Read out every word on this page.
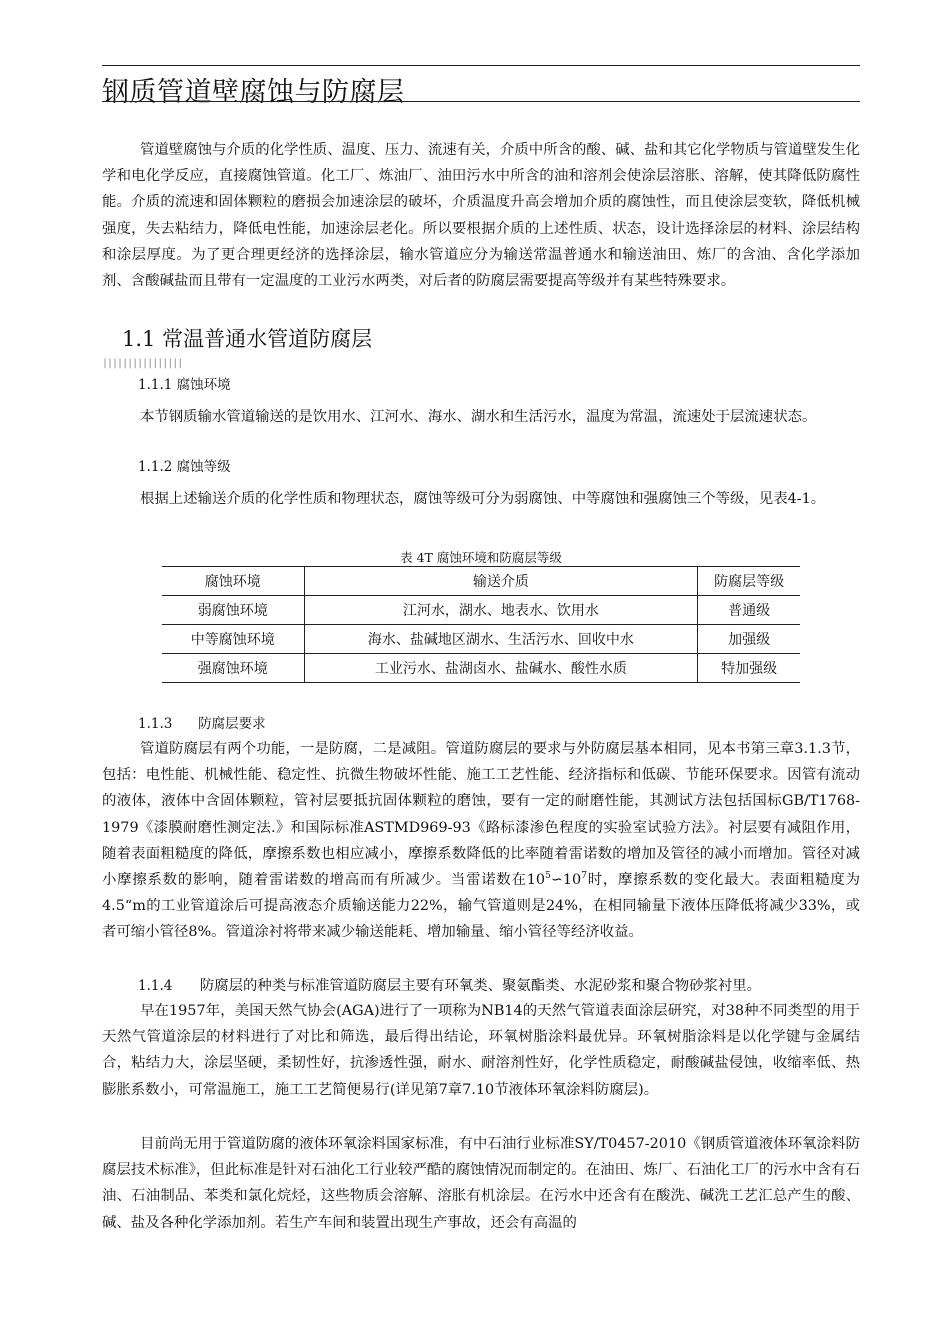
钢质管道壁腐蚀与防腐层

管道壁腐蚀与介质的化学性质、温度、压力、流速有关，介质中所含的酸、碱、盐和其它化学物质与管道壁发生化学和电化学反应，直接腐蚀管道。化工厂、炼油厂、油田污水中所含的油和溶剂会使涂层溶胀、溶解，使其降低防腐性能。介质的流速和固体颗粒的磨损会加速涂层的破坏，介质温度升高会增加介质的腐蚀性，而且使涂层变软，降低机械强度，失去粘结力，降低电性能，加速涂层老化。所以要根据介质的上述性质、状态，设计选择涂层的材料、涂层结构和涂层厚度。为了更合理更经济的选择涂层，输水管道应分为输送常温普通水和输送油田、炼厂的含油、含化学添加剂、含酸碱盐而且带有一定温度的工业污水两类，对后者的防腐层需要提高等级并有某些特殊要求。

1.1 常温普通水管道防腐层
||||||||||||||||
1.1.1 腐蚀环境

本节钢质输水管道输送的是饮用水、江河水、海水、湖水和生活污水，温度为常温，流速处于层流速状态。

1.1.2 腐蚀等级

根据上述输送介质的化学性质和物理状态，腐蚀等级可分为弱腐蚀、中等腐蚀和强腐蚀三个等级，见表4-1。

表 4T 腐蚀环境和防腐层等级
腐蚀环境	输送介质	防腐层等级
弱腐蚀环境	江河水，湖水、地表水、饮用水	普通级
中等腐蚀环境	海水、盐碱地区湖水、生活污水、回收中水	加强级
强腐蚀环境	工业污水、盐湖卤水、盐碱水、酸性水质	特加强级
1.1.3 防腐层要求

管道防腐层有两个功能，一是防腐，二是减阻。管道防腐层的要求与外防腐层基本相同，见本书第三章3.1.3节，包括：电性能、机械性能、稳定性、抗微生物破坏性能、施工工艺性能、经济指标和低碳、节能环保要求。因管有流动的液体，液体中含固体颗粒，管衬层要抵抗固体颗粒的磨蚀，要有一定的耐磨性能，其测试方法包括国标GB/T1768-1979《漆膜耐磨性测定法.》和国际标准ASTMD969-93《路标漆渗色程度的实验室试验方法》。衬层要有减阻作用，随着表面粗糙度的降低，摩擦系数也相应减小，摩擦系数降低的比率随着雷诺数的增加及管径的减小而增加。管径对减小摩擦系数的影响，随着雷诺数的增高而有所减少。当雷诺数在$10^5∽10^7$时，摩擦系数的变化最大。表面粗糙度为4.5“m的工业管道涂后可提高液态介质输送能力22%，输气管道则是24%，在相同输量下液体压降低将减少33%，或者可缩小管径8%。管道涂衬将带来减少输送能耗、增加输量、缩小管径等经济收益。

1.1.4 防腐层的种类与标准管道防腐层主要有环氧类、聚氨酯类、水泥砂浆和聚合物砂浆衬里。

早在1957年，美国天然气协会(AGA)进行了一项称为NB14的天然气管道表面涂层研究，对38种不同类型的用于天然气管道涂层的材料进行了对比和筛选，最后得出结论，环氧树脂涂料最优异。环氧树脂涂料是以化学键与金属结合，粘结力大，涂层坚硬，柔韧性好，抗渗透性强，耐水、耐溶剂性好，化学性质稳定，耐酸碱盐侵蚀，收缩率低、热膨胀系数小，可常温施工，施工工艺简便易行(详见第7章7.10节液体环氧涂料防腐层)。

目前尚无用于管道防腐的液体环氧涂料国家标准，有中石油行业标准SY/T0457-2010《钢质管道液体环氧涂料防腐层技术标准》，但此标准是针对石油化工行业较严酷的腐蚀情况而制定的。在油田、炼厂、石油化工厂的污水中含有石油、石油制品、苯类和氯化烷烃，这些物质会溶解、溶胀有机涂层。在污水中还含有在酸洗、碱洗工艺汇总产生的酸、碱、盐及各种化学添加剂。若生产车间和装置出现生产事故，还会有高温的
